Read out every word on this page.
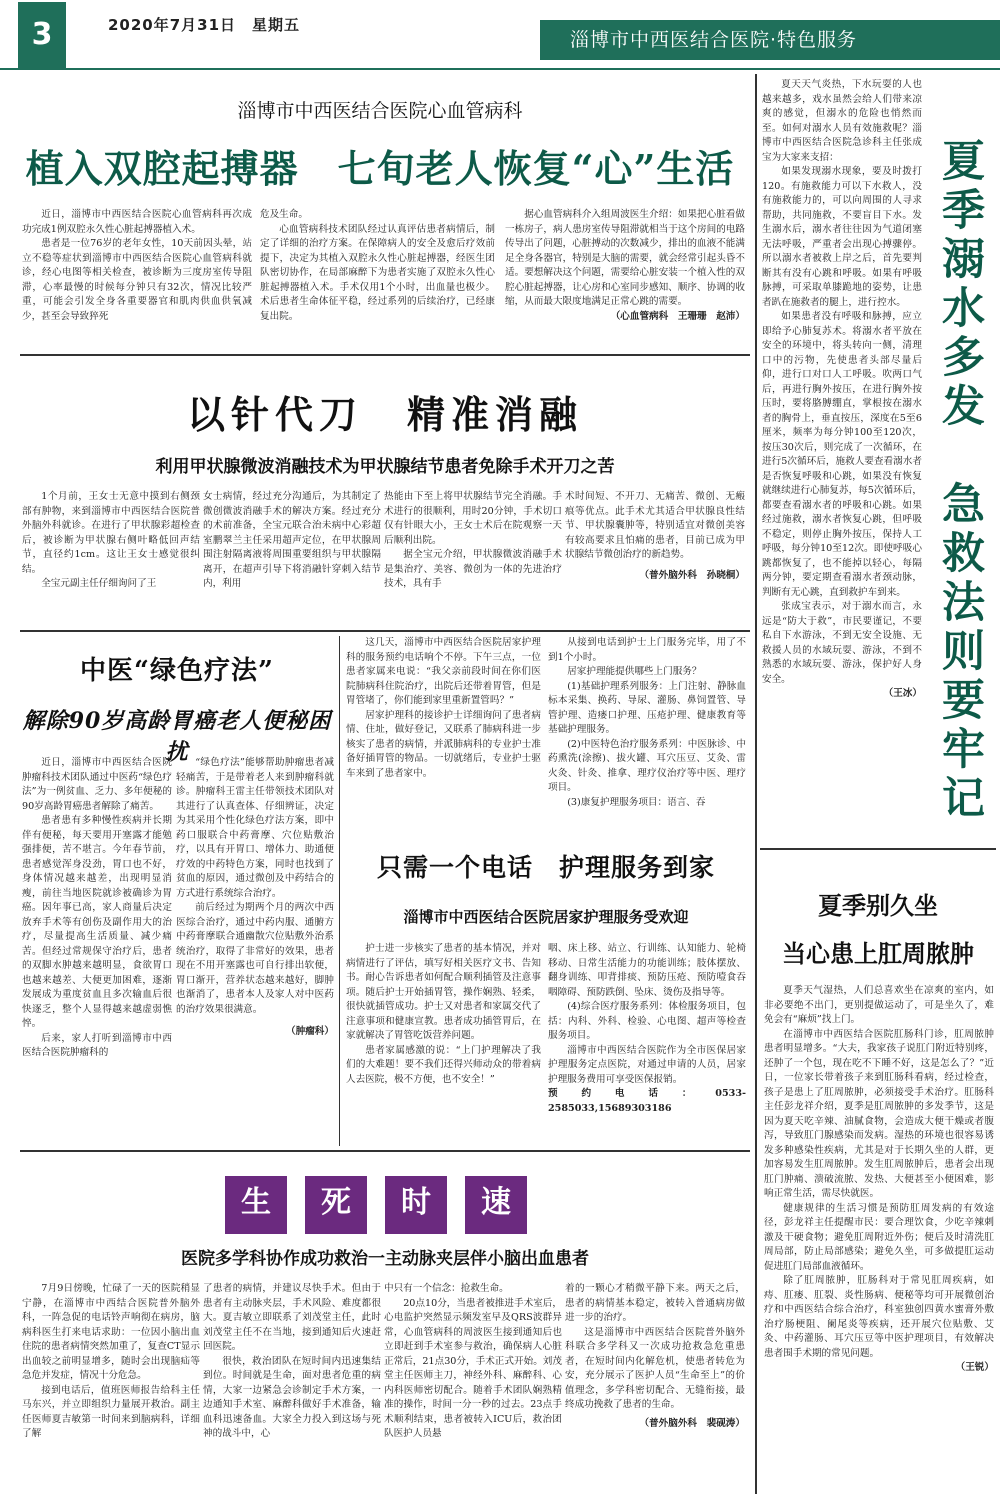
3	2020年7月31日　星期五
淄博市中西医结合医院·特色服务
淄博市中西医结合医院心血管病科
植入双腔起搏器　七旬老人恢复“心”生活

近日，淄博市中西医结合医院心血管病科再次成功完成1例双腔永久性心脏起搏器植入术。

患者是一位76岁的老年女性，10天前因头晕，站立不稳等症状到淄博市中西医结合医院心血管病科就诊，经心电图等相关检查，被诊断为三度房室传导阻滞，心率最慢的时候每分钟只有32次，情况比较严重，可能会引发全身各重要器官和肌肉供血供氧减少，甚至会导致猝死

危及生命。

心血管病科技术团队经过认真评估患者病情后，制定了详细的治疗方案。在保障病人的安全及愈后疗效前提下，决定为其植入双腔永久性心脏起搏器，经医生团队密切协作，在局部麻醉下为患者实施了双腔永久性心脏起搏器植入术。手术仅用1个小时，出血量也极少。术后患者生命体征平稳，经过系列的后续治疗，已经康复出院。

据心血管病科介入组周波医生介绍：如果把心脏看做一栋房子，病人患房室传导阻滞就相当于这个房间的电路传导出了问题，心脏搏动的次数减少，排出的血液不能满足全身各器官，特别是大脑的需要，就会经常引起头昏不适。要想解决这个问题，需要给心脏安装一个植入性的双腔心脏起搏器，让心房和心室同步感知、顺序、协调的收缩，从而最大限度地满足正常心跳的需要。

（心血管病科　王珊珊　赵沛）

以针代刀　精准消融
利用甲状腺微波消融技术为甲状腺结节患者免除手术开刀之苦

1个月前，王女士无意中摸到右侧颈部有肿物，来到淄博市中西医结合医院普外脑外科就诊。在进行了甲状腺彩超检查后，被诊断为甲状腺右侧叶略低回声结节，直径约1cm。这让王女士感觉很纠结。

全宝元副主任仔细询问了王

女士病情，经过充分沟通后，为其制定了微创微波消融手术的解决方案。经过充分的术前准备，全宝元联合治未病中心彩超室鹏翠兰主任采用超声定位，在甲状腺周围注射隔离液将周围重要组织与甲状腺隔离开，在超声引导下将消融针穿刺入结节内，利用

热能由下至上将甲状腺结节完全消融。手术进行的很顺利，用时20分钟，手术切口仅有针眼大小，王女士术后在院观察一天后顺利出院。

据全宝元介绍，甲状腺微波消融手术是集治疗、美容、微创为一体的先进治疗技术，具有手

术时间短、不开刀、无痛苦、微创、无瘢痕等优点。此手术尤其适合甲状腺良性结节、甲状腺囊肿等，特别适宜对微创美容有较高要求且怕痛的患者，目前已成为甲状腺结节微创治疗的新趋势。

（普外脑外科　孙晓桐）

中医“绿色疗法”
解除90岁高龄胃癌老人便秘困扰

近日，淄博市中西医结合医院肿瘤科技术团队通过中医药“绿色疗法”为一例贫血、乏力、多年便秘的90岁高龄胃癌患者解除了痛苦。

患者患有多种慢性疾病并长期伴有便秘，每天要用开塞露才能勉强排便，苦不堪言。今年春节前，患者感觉浑身没劲，胃口也不好，身体情况越来越差，出现明显消瘦，前往当地医院就诊被确诊为胃癌。因年事已高，家人商量后决定放弃手术等有创伤及副作用大的治疗，尽量提高生活质量、减少痛苦。但经过常规保守治疗后，患者的双脚水肿越来越明显，食欲胃口也越来越差、大便更加困难，逐渐发展成为重度贫血且多次输血后很快逐乏，整个人显得越来越虚弱憔悴。

后来，家人打听到淄博市中西医结合医院肿瘤科的

“绿色疗法”能够帮助肿瘤患者减轻痛苦，于是带着老人来到肿瘤科就诊。肿瘤科王雷主任带领技术团队对其进行了认真查体、仔细辨证，决定为其采用个性化绿色疗法方案，即中药口服联合中药膏摩、穴位贴敷治疗，以具有开胃口、增体力、助通便疗效的中药特色方案，同时也找到了贫血的原因，通过微创及中药结合的方式进行系统综合治疗。

前后经过为期两个月的两次中西医综合治疗，通过中药内服、通腑方中药膏摩联合通幽散穴位贴敷外治系统治疗，取得了非常好的效果，患者现在不用开塞露也可自行排出软便，胃口渐开，营养状态越来越好，脚肿也渐消了，患者本人及家人对中医药的治疗效果很满意。

（肿瘤科）

这几天，淄博市中西医结合医院居家护理科的服务预约电话响个不停。下午三点，一位患者家属来电说：“我父亲前段时间在你们医院肺病科住院治疗，出院后还带着胃管，但是胃管堵了，你们能到家里重新置管吗？”

居家护理科的接诊护士详细询问了患者病情、住址，做好登记，又联系了肺病科进一步核实了患者的病情，并派肺病科的专业护士准备好插胃管的物品。一切就绪后，专业护士驱车来到了患者家中。

从接到电话到护士上门服务完毕，用了不到1个小时。

居家护理能提供哪些上门服务？

(1)基础护理系列服务：上门注射、静脉血标本采集、换药、导尿、灌肠、鼻饲置管、导管护理、造瘘口护理、压疮护理、健康教育等基础护理服务。

(2)中医特色治疗服务系列：中医脉诊、中药熏洗(涂擦)、拔火罐、耳穴压豆、艾灸、雷火灸、针灸、推拿、理疗仪治疗等中医、理疗项目。

(3)康复护理服务项目：语言、吞

只需一个电话　护理服务到家
淄博市中西医结合医院居家护理服务受欢迎

护士进一步核实了患者的基本情况，并对病情进行了评估，填写好相关医疗文书、告知书。耐心告诉患者如何配合顺利插管及注意事项。随后护士开始插胃管，操作娴熟、轻柔，很快就插管成功。护士又对患者和家属交代了注意事项和健康宣教。患者成功插管胃后，在家就解决了胃管吃饭营养问题。

患者家属感激的说：“上门护理解决了我们的大难题！要不我们还得兴师动众的带着病人去医院，极不方便，也不安全！”

咽、床上移、站立、行训练、认知能力、轮椅移动、日常生活能力的功能训练；肢体摆放、翻身训练、叩背排痰、预防压疮、预防噎食吞咽障碍、预防跌倒、坠床、烫伤及指导等。

(4)综合医疗服务系列：体检服务项目，包括：内科、外科、检验、心电图、超声等检查服务项目。

淄博市中西医结合医院作为全市医保居家护理服务定点医院，对通过申请的人员，居家护理服务费用可享受医保报销。

预约电话：0533-2585033,15689303186

生	死	时	速
医院多学科协作成功救治一主动脉夹层伴小脑出血患者

7月9日傍晚，忙碌了一天的医院稍显宁静，在淄博市中西结合医院普外脑外科，一阵急促的电话铃声响彻在病房，脑病科医生打来电话求助：一位因小脑出血住院的患者病情突然加重了，复查CT显示出血较之前明显增多，随时会出现脑疝等急危并发症，情况十分危急。

接到电话后，值班医师报告给科主任马东兴，并立即组织力量展开救治。副主任医师夏吉敏第一时间来到脑病科，详细了解

了患者的病情，并建议尽快手术。但由于患者有主动脉夹层，手术风险、难度都很大。夏吉敏立即联系了刘茂堂主任，此时刘茂堂主任不在当地，接到通知后火速赶回医院。

很快，救治团队在短时间内迅速集结到位。时间就是生命，面对患者危重的病情，大家一边紧急会诊制定手术方案，一边通知手术室、麻醉科做好手术准备，输血科迅速备血。大家全力投入到这场与死神的战斗中，心

中只有一个信念：抢救生命。

20点10分，当患者被推进手术室后，心电监护突然显示频发室早及QRS波群异常，心血管病科的周波医生接到通知后也立即赶到手术室参与救治，确保病人心脏正常后，21点30分，手术正式开始。刘茂堂主任医师主刀，神经外科、麻醉科、心内科医师密切配合。随着手术团队娴熟精准的操作，时间一分一秒的过去。23点手术顺利结束，患者被转入ICU后，救治团队医护人员悬

着的一颗心才稍微平静下来。两天之后，患者的病情基本稳定，被转入普通病房做进一步的治疗。

这是淄博市中西医结合医院普外脑外科联合多学科又一次成功抢救急危重患者，在短时间内化解危机，使患者转危为安，充分展示了医护人员“生命至上”的价值理念，多学科密切配合、无缝衔接，最终成功挽救了患者的生命。

（普外脑外科　裴砚涛）

夏天天气炎热，下水玩耍的人也越来越多，戏水虽然会给人们带来凉爽的感觉，但溺水的危险也悄然而至。如何对溺水人员有效施救呢？淄博市中西医结合医院急诊科主任张成宝为大家来支招：

如果发现溺水现象，要及时拨打120。有施救能力可以下水救人，没有施救能力的，可以向周围的人寻求帮助，共同施救，不要盲目下水。发生溺水后，溺水者往往因为气道闭塞无法呼吸，严重者会出现心搏骤停。所以溺水者被救上岸之后，首先要判断其有没有心跳和呼吸。如果有呼吸脉搏，可采取单膝跪地的姿势，让患者趴在施救者的腿上，进行控水。

如果患者没有呼吸和脉搏，应立即给予心肺复苏术。将溺水者平放在安全的环境中，将头转向一侧，清理口中的污物，先使患者头部尽量后仰，进行口对口人工呼吸。吹两口气后，再进行胸外按压，在进行胸外按压时，要将胳膊绷直，掌根按在溺水者的胸骨上，垂直按压，深度在5至6厘米，频率为每分钟100至120次，按压30次后，则完成了一次循环，在进行5次循环后，施救人要查看溺水者是否恢复呼吸和心跳，如果没有恢复就继续进行心肺复苏，每5次循环后，都要查看溺水者的呼吸和心跳。如果经过施救，溺水者恢复心跳，但呼吸不稳定，则停止胸外按压，保持人工呼吸，每分钟10至12次。即使呼吸心跳都恢复了，也不能掉以轻心，每隔两分钟，要定期查看溺水者颈动脉，判断有无心跳，直到救护车到来。

张成宝表示，对于溺水而言，永远是“防大于救”，市民要谨记，不要私自下水游泳，不到无安全设施、无救援人员的水域玩耍、游泳，不到不熟悉的水域玩耍、游泳，保护好人身安全。

（王冰） 夏季溺水多发　急救法则要牢记
夏季别久坐
当心患上肛周脓肿

夏季天气湿热，人们总喜欢坐在凉爽的室内，如非必要绝不出门，更别提做运动了，可是坐久了，难免会有“麻烦”找上门。

在淄博市中西医结合医院肛肠科门诊，肛周脓肿患者明显增多。“大夫，我家孩子说肛门附近特别疼，还肿了一个包，现在吃不下睡不好，这是怎么了？”近日，一位家长带着孩子来到肛肠科看病，经过检查，孩子是患上了肛周脓肿，必须接受手术治疗。肛肠科主任彭龙祥介绍，夏季是肛周脓肿的多发季节，这是因为夏天吃辛辣、油腻食物，会造成大便干燥或者腹泻，导致肛门腺感染而发病。湿热的环境也很容易诱发多种感染性疾病，尤其是对于长期久坐的人群，更加容易发生肛周脓肿。发生肛周脓肿后，患者会出现肛门肿痛、溃破流脓、发热、大便甚至小便困难，影响正常生活，需尽快就医。

健康规律的生活习惯是预防肛周发病的有效途径，彭龙祥主任提醒市民：要合理饮食，少吃辛辣刺激及干硬食物；避免肛周附近外伤；便后及时清洗肛周局部，防止局部感染；避免久坐，可多做提肛运动促进肛门局部血液循环。

除了肛周脓肿，肛肠科对于常见肛周疾病，如痔、肛瘘、肛裂、炎性肠病、便秘等均可开展微创治疗和中西医结合综合治疗，科室独创四黄水蜜膏外敷治疗肠梗阻、阑尾炎等疾病，还开展穴位贴敷、艾灸、中药灌肠、耳穴压豆等中医护理项目，有效解决患者围手术期的常见问题。

（王锐）
